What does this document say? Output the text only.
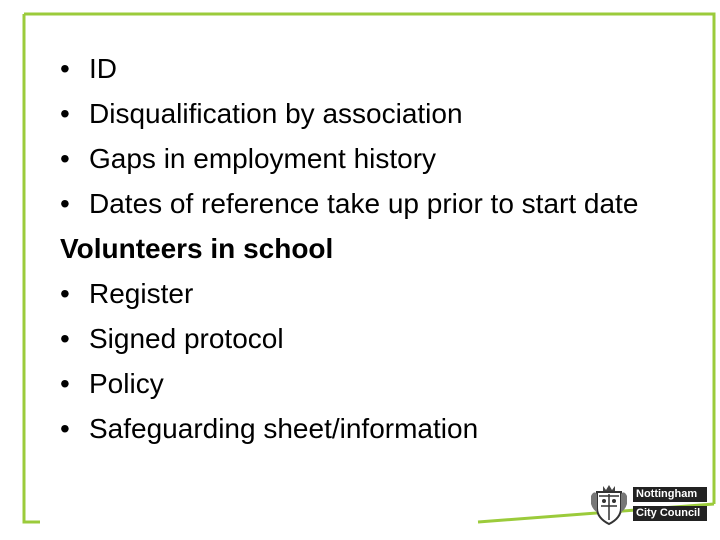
• ID
• Disqualification by association
• Gaps in employment history
• Dates of reference take up prior to start date

Volunteers in school

• Register
• Signed protocol
• Policy
• Safeguarding sheet/information
Nottingham
City Council
